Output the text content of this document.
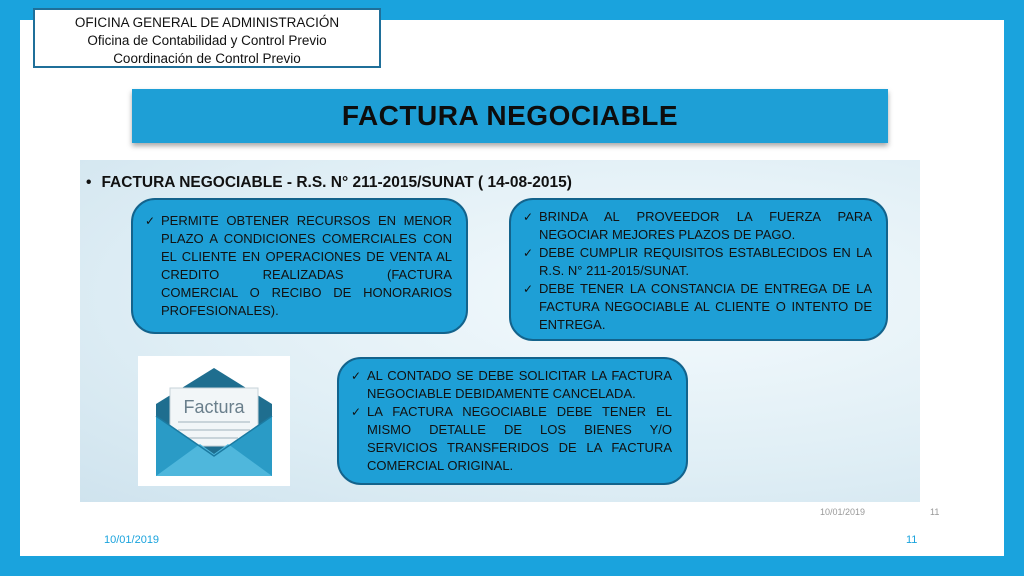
OFICINA GENERAL DE ADMINISTRACIÓN
Oficina de Contabilidad y Control Previo
Coordinación de Control Previo
FACTURA NEGOCIABLE
• FACTURA NEGOCIABLE - R.S. N° 211-2015/SUNAT ( 14-08-2015)
✓ PERMITE OBTENER RECURSOS EN MENOR PLAZO A CONDICIONES COMERCIALES CON EL CLIENTE EN OPERACIONES DE VENTA AL CREDITO REALIZADAS (FACTURA COMERCIAL O RECIBO DE HONORARIOS PROFESIONALES).
✓ BRINDA AL PROVEEDOR LA FUERZA PARA NEGOCIAR MEJORES PLAZOS DE PAGO.
✓ DEBE CUMPLIR REQUISITOS ESTABLECIDOS EN LA R.S. N° 211-2015/SUNAT.
✓ DEBE TENER LA CONSTANCIA DE ENTREGA DE LA FACTURA NEGOCIABLE AL CLIENTE O INTENTO DE ENTREGA.
✓ AL CONTADO SE DEBE SOLICITAR LA FACTURA NEGOCIABLE DEBIDAMENTE CANCELADA.
✓ LA FACTURA NEGOCIABLE DEBE TENER EL MISMO DETALLE DE LOS BIENES Y/O SERVICIOS TRANSFERIDOS DE LA FACTURA COMERCIAL ORIGINAL.
Factura
10/01/2019	11
10/01/2019	11
